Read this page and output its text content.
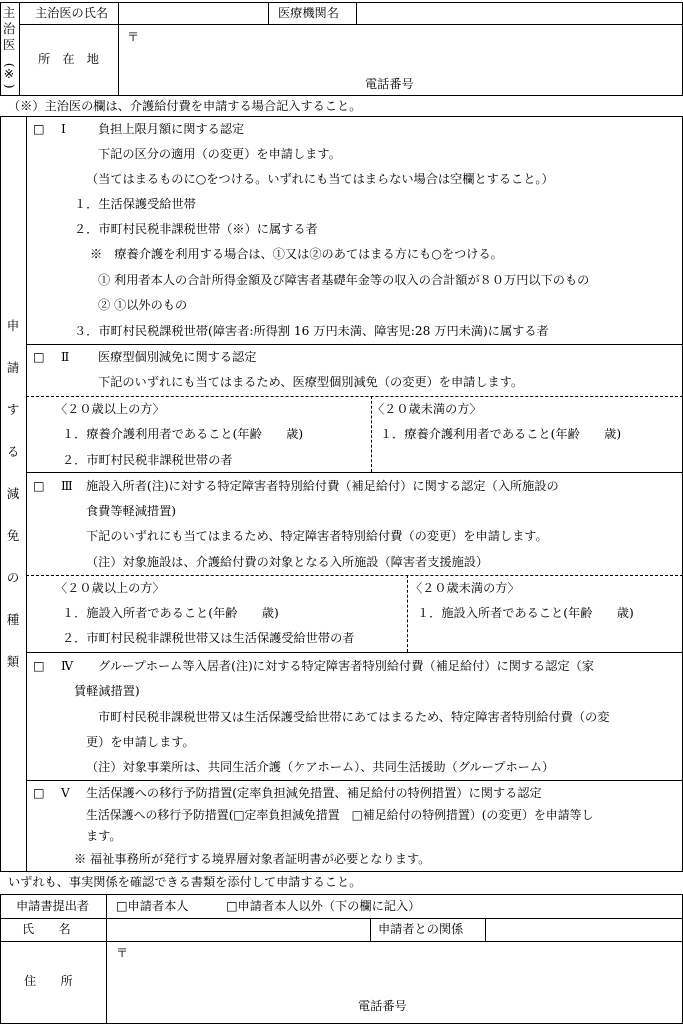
主
治
医
(
※
)
主治医の氏名	医療機関名
所　在　地
〒
電話番号
（※）主治医の欄は、介護給付費を申請する場合記入すること。
申
請
す
る
減
免
の
種
類
□ Ⅰ	負担上限月額に関する認定
下記の区分の適用（の変更）を申請します。
（当てはまるものに○をつける。いずれにも当てはまらない場合は空欄とすること。）
１．生活保護受給世帯
２．市町村民税非課税世帯（※）に属する者
※　療養介護を利用する場合は、①又は②のあてはまる方にも○をつける。
① 利用者本人の合計所得金額及び障害者基礎年金等の収入の合計額が８０万円以下のもの
② ①以外のもの
３．市町村民税課税世帯(障害者:所得割 16 万円未満、障害児:28 万円未満)に属する者
□ Ⅱ 医療型個別減免に関する認定
下記のいずれにも当てはまるため、医療型個別減免（の変更）を申請します。
〈２０歳以上の方〉
１．療養介護利用者であること(年齢　　歳)
２．市町村民税非課税世帯の者
〈２０歳未満の方〉
１．療養介護利用者であること(年齢　　歳)
□ Ⅲ 施設入所者(注)に対する特定障害者特別給付費（補足給付）に関する認定（入所施設の
食費等軽減措置)
下記のいずれにも当てはまるため、特定障害者特別給付費（の変更）を申請します。
（注）対象施設は、介護給付費の対象となる入所施設（障害者支援施設）
〈２０歳以上の方〉
１．施設入所者であること(年齢　　歳)
２．市町村民税非課税世帯又は生活保護受給世帯の者
〈２０歳未満の方〉
１．施設入所者であること(年齢　　歳)
□ Ⅳ グループホーム等入居者(注)に対する特定障害者特別給付費（補足給付）に関する認定（家
賃軽減措置)
市町村民税非課税世帯又は生活保護受給世帯にあてはまるため、特定障害者特別給付費（の変
更）を申請します。
（注）対象事業所は、共同生活介護（ケアホーム）、共同生活援助（グループホーム）
□ Ⅴ 生活保護への移行予防措置(定率負担減免措置、補足給付の特例措置）に関する認定
生活保護への移行予防措置(□定率負担減免措置　□補足給付の特例措置）(の変更）を申請等し
ます。
※ 福祉事務所が発行する境界層対象者証明書が必要となります。
いずれも、事実関係を確認できる書類を添付して申請すること。
申請書提出者 □申請者本人	□申請者本人以外（下の欄に記入）
氏　　名	申請者との関係
住　　所
〒
電話番号
